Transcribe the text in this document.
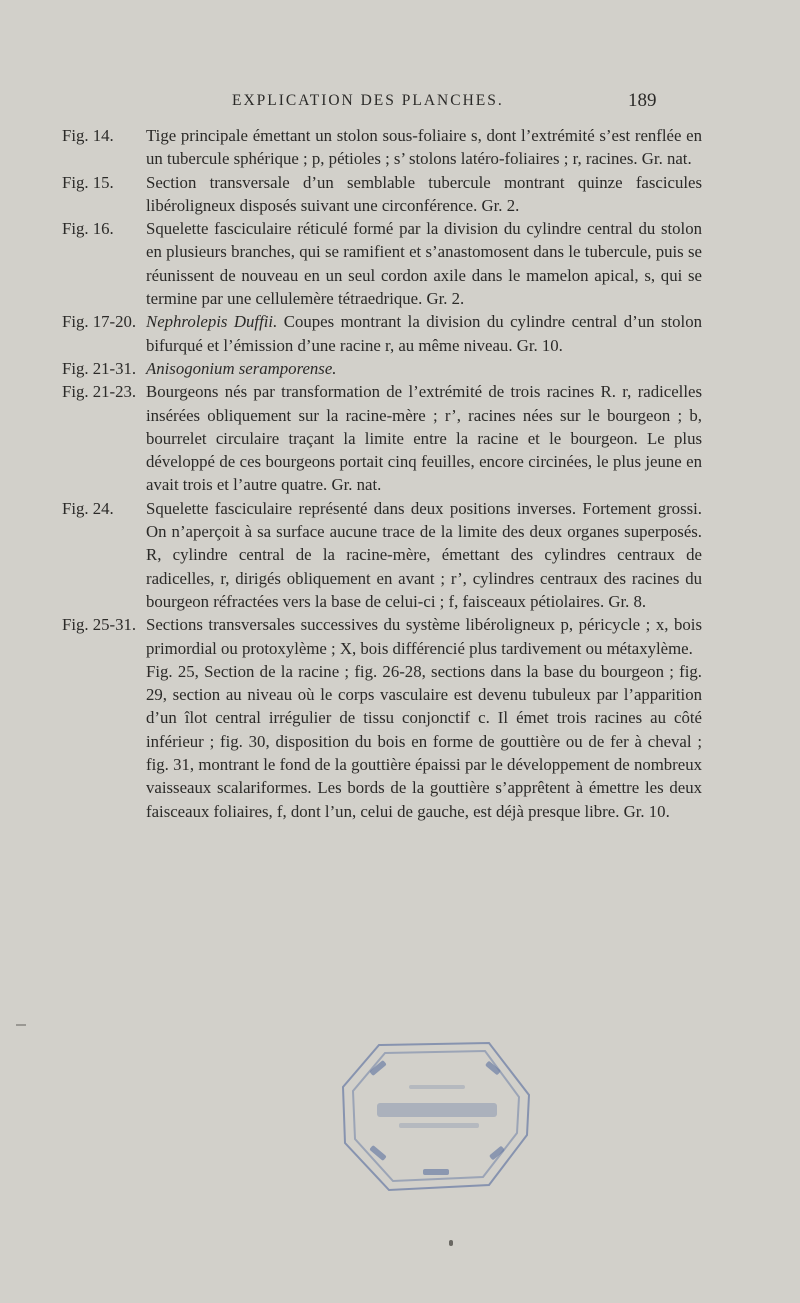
EXPLICATION DES PLANCHES.	189
Fig. 14.	Tige principale émettant un stolon sous-foliaire s, dont l’extrémité s’est renflée en un tubercule sphérique ; p, pétioles ; s’ stolons latéro-foliaires ; r, racines. Gr. nat.
Fig. 15.	Section transversale d’un semblable tubercule montrant quinze fascicules libéroligneux disposés suivant une circonférence. Gr. 2.
Fig. 16.	Squelette fasciculaire réticulé formé par la division du cylindre central du stolon en plusieurs branches, qui se ramifient et s’anastomosent dans le tubercule, puis se réunissent de nouveau en un seul cordon axile dans le mamelon apical, s, qui se termine par une cellulemère tétraedrique. Gr. 2.
Fig. 17-20. Nephrolepis Duffii. Coupes montrant la division du cylindre central d’un stolon bifurqué et l’émission d’une racine r, au même niveau. Gr. 10.
Fig. 21-31. Anisogonium seramporense.
Fig. 21-23. Bourgeons nés par transformation de l’extrémité de trois racines R. r, radicelles insérées obliquement sur la racine-mère ; r’, racines nées sur le bourgeon ; b, bourrelet circulaire traçant la limite entre la racine et le bourgeon. Le plus développé de ces bourgeons portait cinq feuilles, encore circinées, le plus jeune en avait trois et l’autre quatre. Gr. nat.
Fig. 24.	Squelette fasciculaire représenté dans deux positions inverses. Fortement grossi. On n’aperçoit à sa surface aucune trace de la limite des deux organes superposés. R, cylindre central de la racine-mère, émettant des cylindres centraux de radicelles, r, dirigés obliquement en avant ; r’, cylindres centraux des racines du bourgeon réfractées vers la base de celui-ci ; f, faisceaux pétiolaires. Gr. 8.
Fig. 25-31. Sections transversales successives du système libéroligneux p, péricycle ; x, bois primordial ou protoxylème ; X, bois différencié plus tardivement ou métaxylème.
Fig. 25, Section de la racine ; fig. 26-28, sections dans la base du bourgeon ; fig. 29, section au niveau où le corps vasculaire est devenu tubuleux par l’apparition d’un îlot central irrégulier de tissu conjonctif c. Il émet trois racines au côté inférieur ; fig. 30, disposition du bois en forme de gouttière ou de fer à cheval ; fig. 31, montrant le fond de la gouttière épaissi par le développement de nombreux vaisseaux scalariformes. Les bords de la gouttière s’apprêtent à émettre les deux faisceaux foliaires, f, dont l’un, celui de gauche, est déjà presque libre. Gr. 10.
